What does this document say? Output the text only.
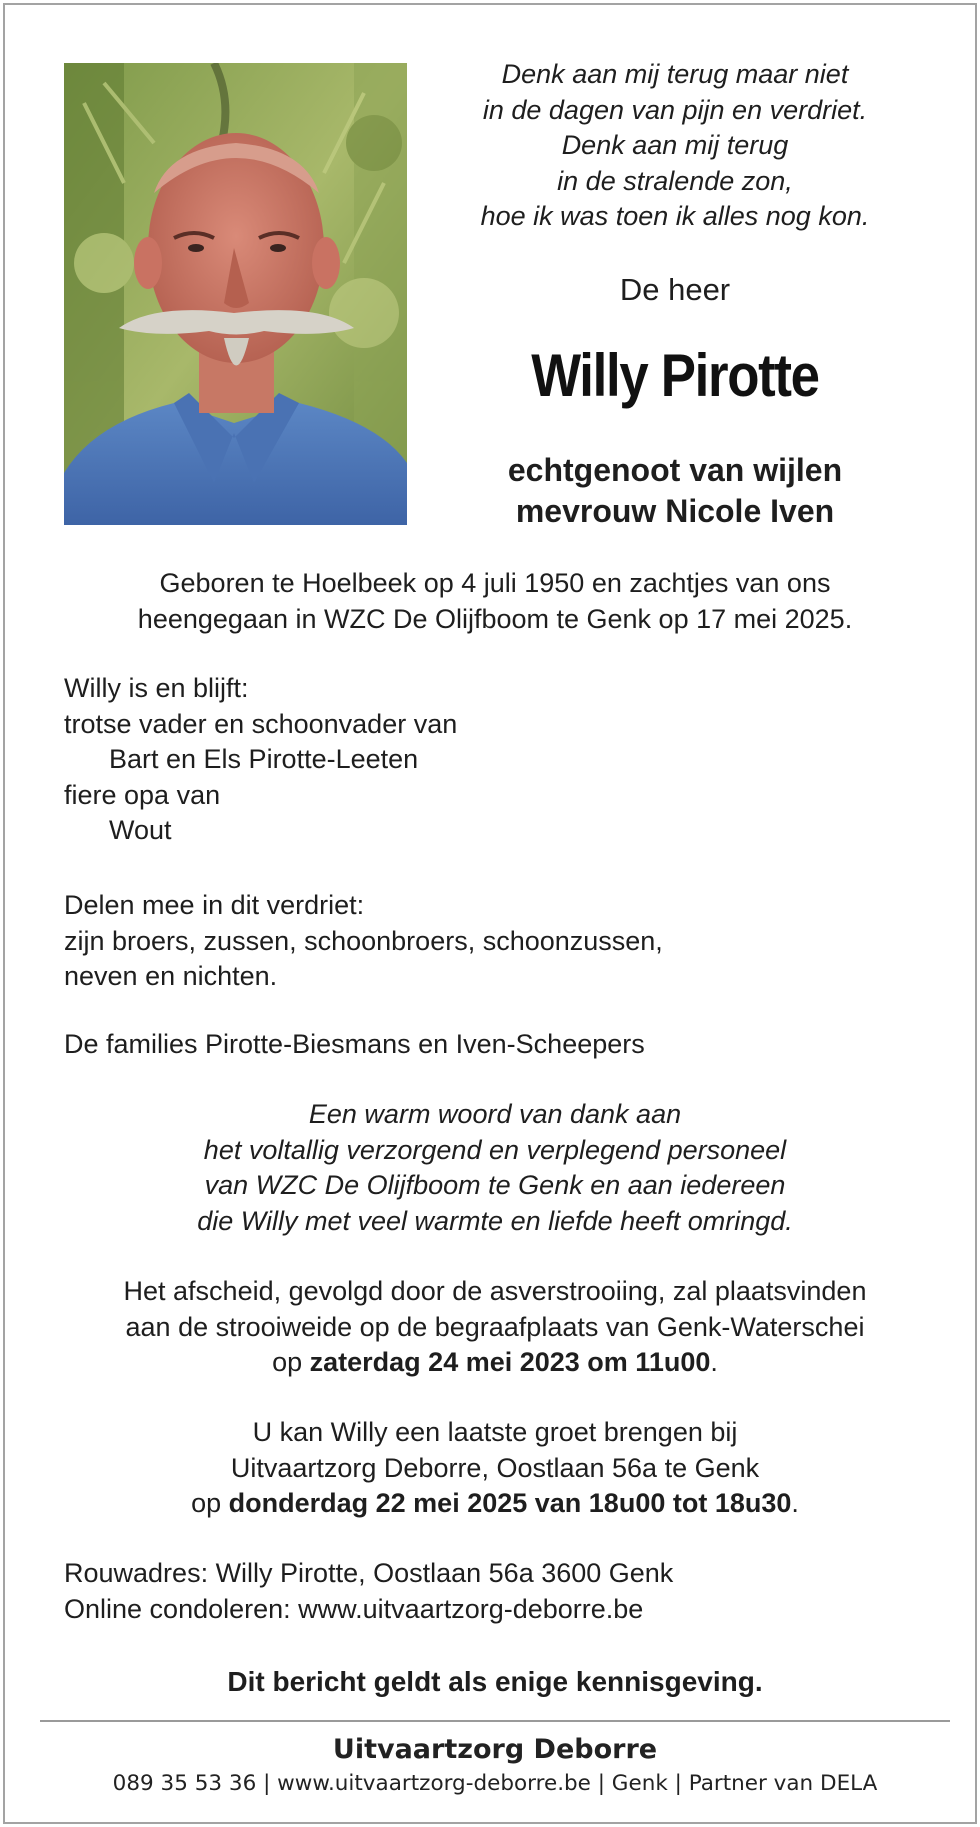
Denk aan mij terug maar niet
in de dagen van pijn en verdriet.
Denk aan mij terug
in de stralende zon,
hoe ik was toen ik alles nog kon.
De heer
Willy Pirotte
echtgenoot van wijlen
mevrouw Nicole Iven
Geboren te Hoelbeek op 4 juli 1950 en zachtjes van ons
heengegaan in WZC De Olijfboom te Genk op 17 mei 2025.
Willy is en blijft:
trotse vader en schoonvader van
Bart en Els Pirotte-Leeten
fiere opa van
Wout
Delen mee in dit verdriet:
zijn broers, zussen, schoonbroers, schoonzussen,
neven en nichten.
De families Pirotte-Biesmans en Iven-Scheepers
Een warm woord van dank aan
het voltallig verzorgend en verplegend personeel
van WZC De Olijfboom te Genk en aan iedereen
die Willy met veel warmte en liefde heeft omringd.
Het afscheid, gevolgd door de asverstrooiing, zal plaatsvinden
aan de strooiweide op de begraafplaats van Genk-Waterschei
op zaterdag 24 mei 2023 om 11u00.
U kan Willy een laatste groet brengen bij
Uitvaartzorg Deborre, Oostlaan 56a te Genk
op donderdag 22 mei 2025 van 18u00 tot 18u30.
Rouwadres: Willy Pirotte, Oostlaan 56a 3600 Genk
Online condoleren: www.uitvaartzorg-deborre.be
Dit bericht geldt als enige kennisgeving.
Uitvaartzorg Deborre
089 35 53 36 | www.uitvaartzorg-deborre.be | Genk | Partner van DELA
